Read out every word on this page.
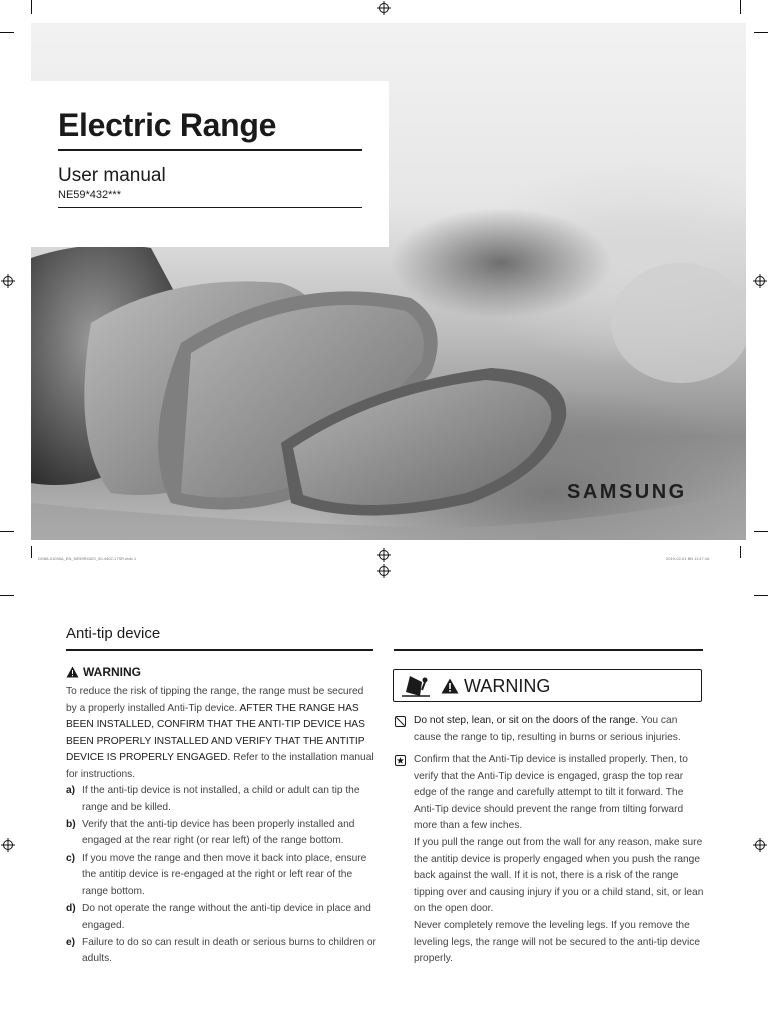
Electric Range
User manual
NE59*432***
SAMSUNG
DG68-01045A_EN_NE59R432S_00-4402-17SR.indb 1	2019-02-01 BB 11:47:16
Anti-tip device
WARNING
To reduce the risk of tipping the range, the range must be secured by a properly installed Anti-Tip device. AFTER THE RANGE HAS BEEN INSTALLED, CONFIRM THAT THE ANTI-TIP DEVICE HAS BEEN PROPERLY INSTALLED AND VERIFY THAT THE ANTITIP DEVICE IS PROPERLY ENGAGED. Refer to the installation manual for instructions.
a) If the anti-tip device is not installed, a child or adult can tip the range and be killed.
b) Verify that the anti-tip device has been properly installed and engaged at the rear right (or rear left) of the range bottom.
c) If you move the range and then move it back into place, ensure the antitip device is re-engaged at the right or left rear of the range bottom.
d) Do not operate the range without the anti-tip device in place and engaged.
e) Failure to do so can result in death or serious burns to children or adults.
WARNING
Do not step, lean, or sit on the doors of the range. You can cause the range to tip, resulting in burns or serious injuries.
Confirm that the Anti-Tip device is installed properly. Then, to verify that the Anti-Tip device is engaged, grasp the top rear edge of the range and carefully attempt to tilt it forward. The Anti-Tip device should prevent the range from tilting forward more than a few inches.
If you pull the range out from the wall for any reason, make sure the antitip device is properly engaged when you push the range back against the wall. If it is not, there is a risk of the range tipping over and causing injury if you or a child stand, sit, or lean on the open door.
Never completely remove the leveling legs. If you remove the leveling legs, the range will not be secured to the anti-tip device properly.
